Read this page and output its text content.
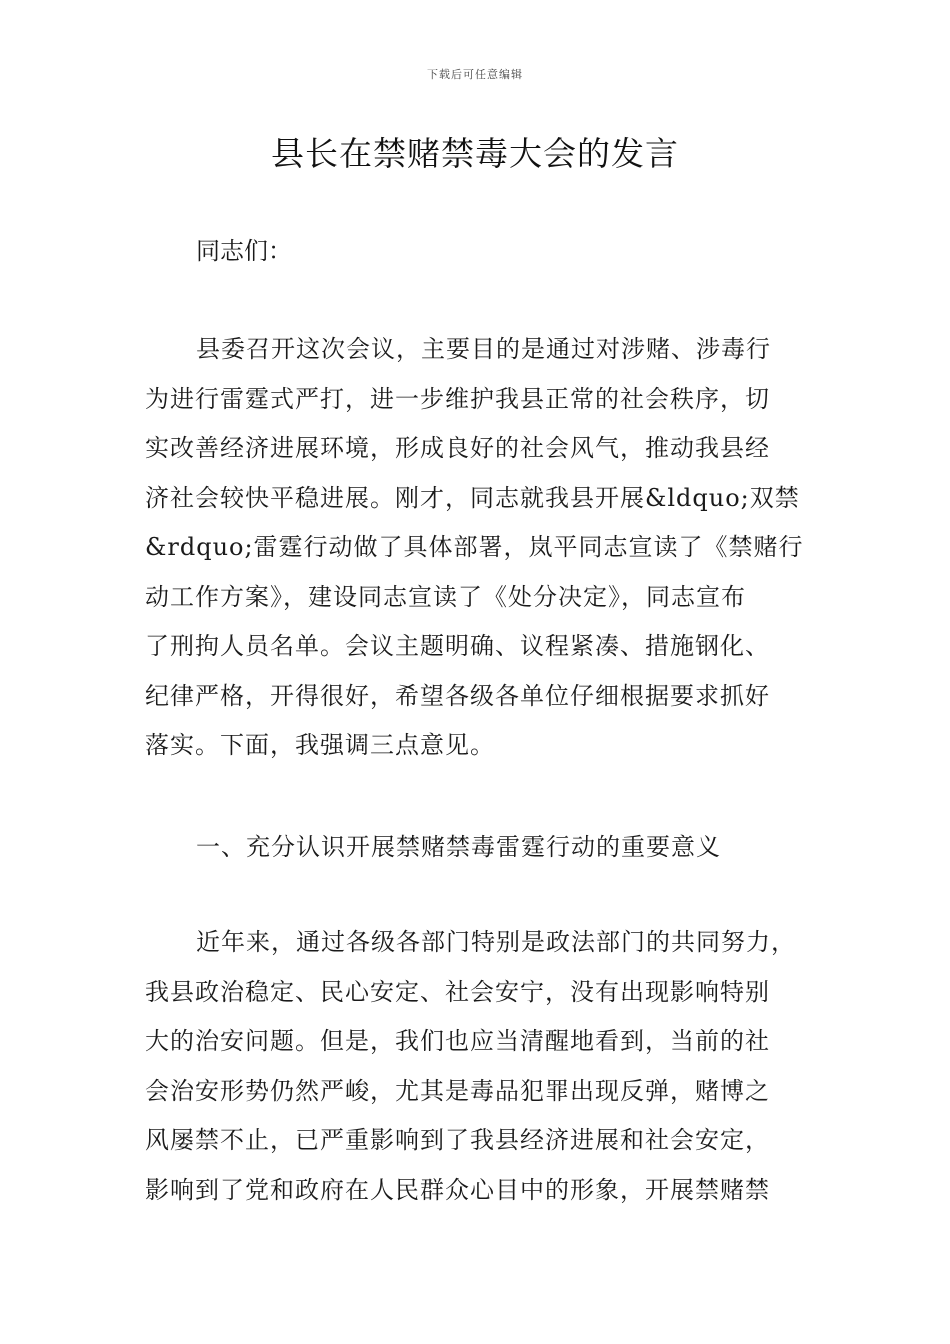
下载后可任意编辑
县长在禁赌禁毒大会的发言
同志们：
县委召开这次会议，主要目的是通过对涉赌、涉毒行
为进行雷霆式严打，进一步维护我县正常的社会秩序，切
实改善经济进展环境，形成良好的社会风气，推动我县经
济社会较快平稳进展。刚才，同志就我县开展&ldquo;双禁
&rdquo;雷霆行动做了具体部署，岚平同志宣读了《禁赌行
动工作方案》，建设同志宣读了《处分决定》，同志宣布
了刑拘人员名单。会议主题明确、议程紧凑、措施钢化、
纪律严格，开得很好，希望各级各单位仔细根据要求抓好
落实。下面，我强调三点意见。
一、充分认识开展禁赌禁毒雷霆行动的重要意义
近年来，通过各级各部门特别是政法部门的共同努力，
我县政治稳定、民心安定、社会安宁，没有出现影响特别
大的治安问题。但是，我们也应当清醒地看到，当前的社
会治安形势仍然严峻，尤其是毒品犯罪出现反弹，赌博之
风屡禁不止，已严重影响到了我县经济进展和社会安定，
影响到了党和政府在人民群众心目中的形象，开展禁赌禁
